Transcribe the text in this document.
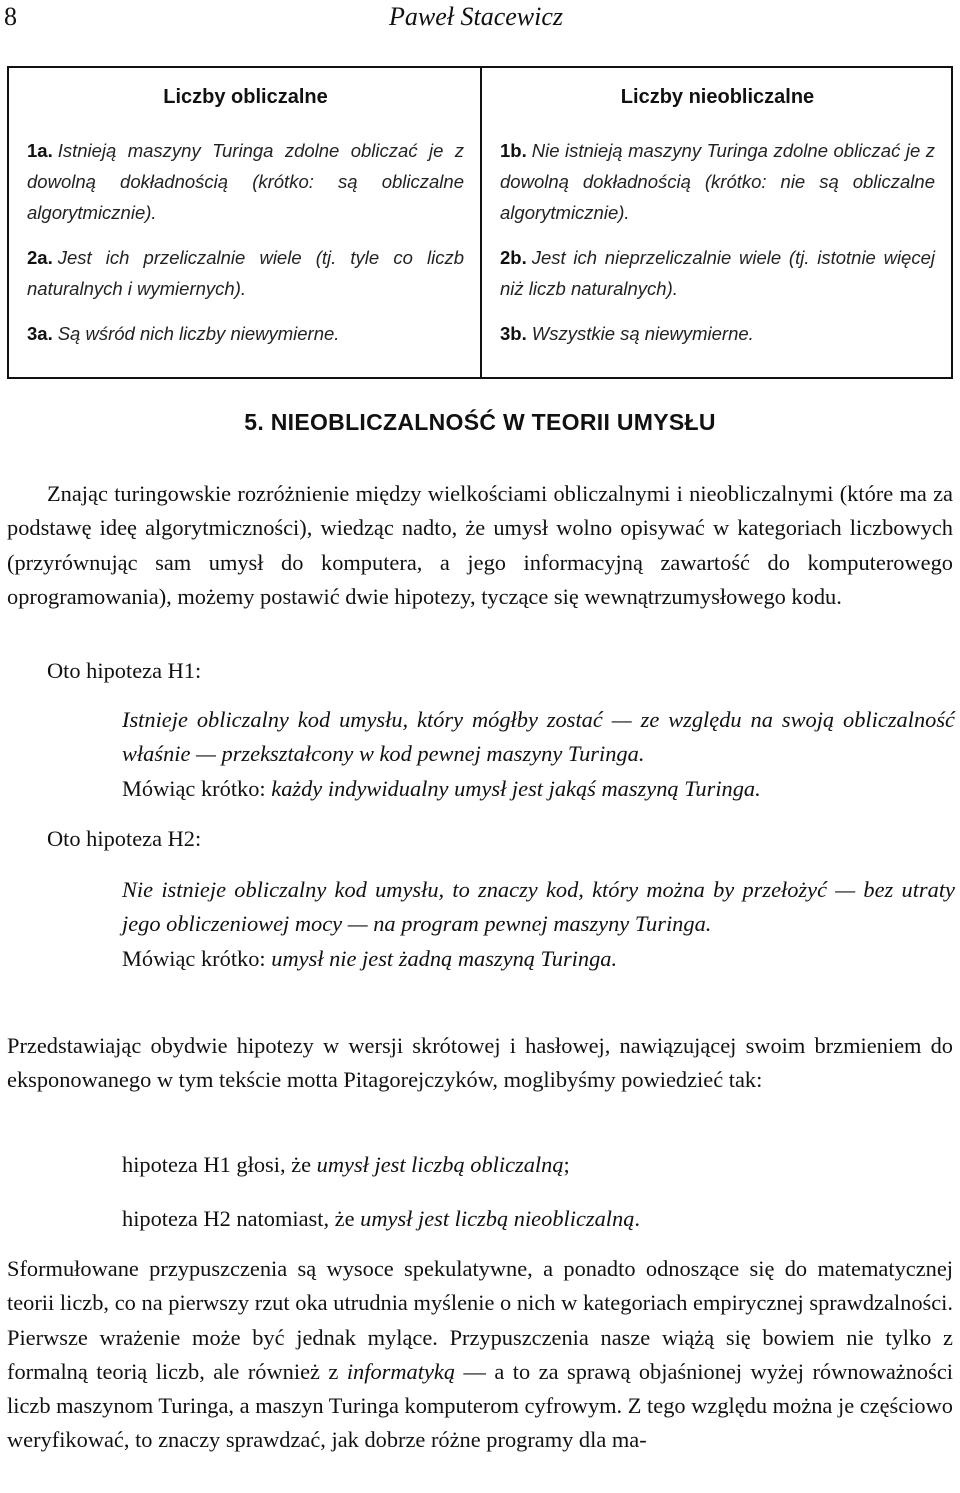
8	Paweł Stacewicz
Liczby obliczalne
1a. Istnieją maszyny Turinga zdolne obliczać je z dowolną dokładnością (krótko: są obliczalne algorytmicznie).
2a. Jest ich przeliczalnie wiele (tj. tyle co liczb naturalnych i wymiernych).
3a. Są wśród nich liczby niewymierne.
Liczby nieobliczalne
1b. Nie istnieją maszyny Turinga zdolne obliczać je z dowolną dokładnością (krótko: nie są obliczalne algorytmicznie).
2b. Jest ich nieprzeliczalnie wiele (tj. istotnie więcej niż liczb naturalnych).
3b. Wszystkie są niewymierne.
5. NIEOBLICZALNOŚĆ W TEORII UMYSŁU
Znając turingowskie rozróżnienie między wielkościami obliczalnymi i nieobliczalnymi (które ma za podstawę ideę algorytmiczności), wiedząc nadto, że umysł wolno opisywać w kategoriach liczbowych (przyrównując sam umysł do komputera, a jego informacyjną zawartość do komputerowego oprogramowania), możemy postawić dwie hipotezy, tyczące się wewnątrzumysłowego kodu.
Oto hipoteza H1:
Istnieje obliczalny kod umysłu, który mógłby zostać — ze względu na swoją obliczalność właśnie — przekształcony w kod pewnej maszyny Turinga.
Mówiąc krótko: każdy indywidualny umysł jest jakąś maszyną Turinga.
Oto hipoteza H2:
Nie istnieje obliczalny kod umysłu, to znaczy kod, który można by przełożyć — bez utraty jego obliczeniowej mocy — na program pewnej maszyny Turinga.
Mówiąc krótko: umysł nie jest żadną maszyną Turinga.
Przedstawiając obydwie hipotezy w wersji skrótowej i hasłowej, nawiązującej swoim brzmieniem do eksponowanego w tym tekście motta Pitagorejczyków, moglibyśmy powiedzieć tak:
hipoteza H1 głosi, że umysł jest liczbą obliczalną;
hipoteza H2 natomiast, że umysł jest liczbą nieobliczalną.
Sformułowane przypuszczenia są wysoce spekulatywne, a ponadto odnoszące się do matematycznej teorii liczb, co na pierwszy rzut oka utrudnia myślenie o nich w kategoriach empirycznej sprawdzalności. Pierwsze wrażenie może być jednak mylące. Przypuszczenia nasze wiążą się bowiem nie tylko z formalną teorią liczb, ale również z informatyką — a to za sprawą objaśnionej wyżej równoważności liczb maszynom Turinga, a maszyn Turinga komputerom cyfrowym. Z tego względu można je częściowo weryfikować, to znaczy sprawdzać, jak dobrze różne programy dla ma-
